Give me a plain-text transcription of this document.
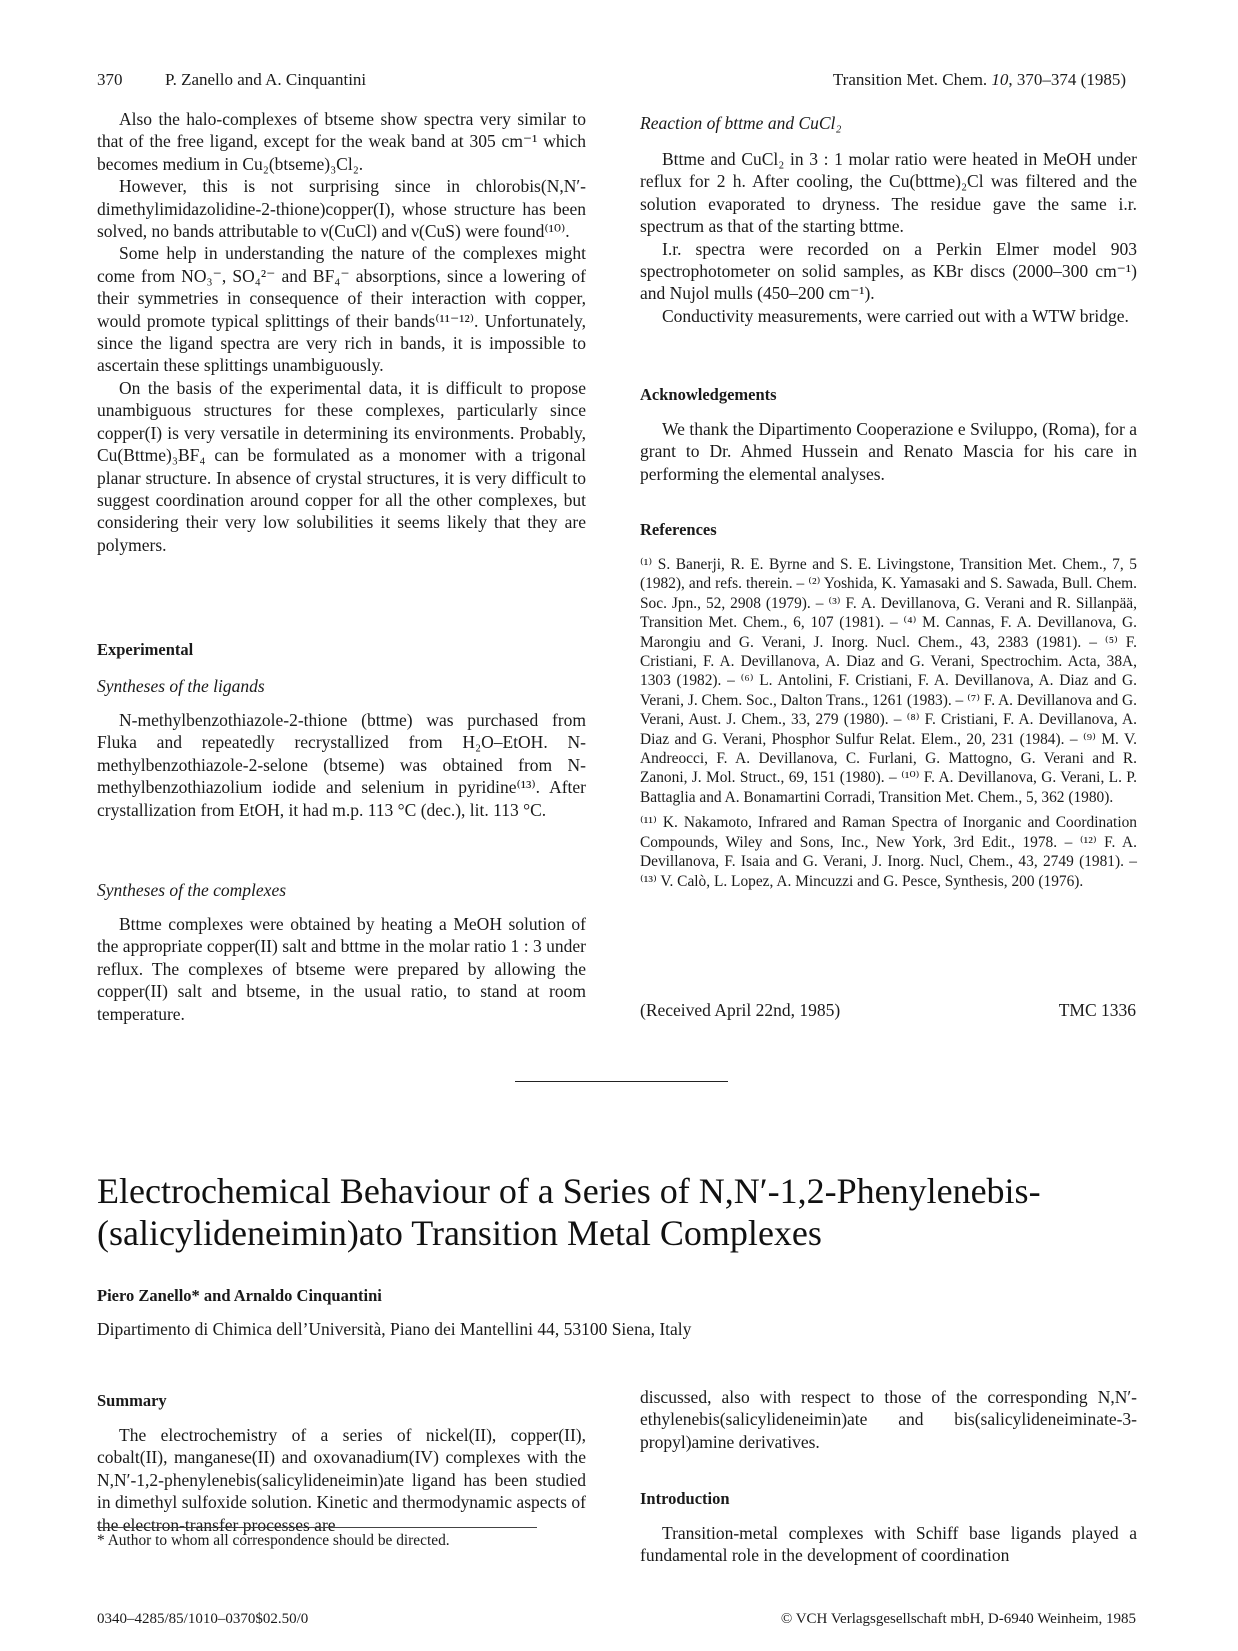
370	P. Zanello and A. Cinquantini	Transition Met. Chem. 10, 370–374 (1985)

Also the halo-complexes of btseme show spectra very similar to that of the free ligand, except for the weak band at 305 cm⁻¹ which becomes medium in Cu₂(btseme)₃Cl₂.

However, this is not surprising since in chlorobis(N,N′-dimethylimidazolidine-2-thione)copper(I), whose structure has been solved, no bands attributable to ν(CuCl) and ν(CuS) were found⁽¹⁰⁾.

Some help in understanding the nature of the complexes might come from NO₃⁻, SO₄²⁻ and BF₄⁻ absorptions, since a lowering of their symmetries in consequence of their interaction with copper, would promote typical splittings of their bands⁽¹¹⁻¹²⁾. Unfortunately, since the ligand spectra are very rich in bands, it is impossible to ascertain these splittings unambiguously.

On the basis of the experimental data, it is difficult to propose unambiguous structures for these complexes, particularly since copper(I) is very versatile in determining its environments. Probably, Cu(Bttme)₃BF₄ can be formulated as a monomer with a trigonal planar structure. In absence of crystal structures, it is very difficult to suggest coordination around copper for all the other complexes, but considering their very low solubilities it seems likely that they are polymers.

Experimental
Syntheses of the ligands

N-methylbenzothiazole-2-thione (bttme) was purchased from Fluka and repeatedly recrystallized from H₂O–EtOH. N-methylbenzothiazole-2-selone (btseme) was obtained from N-methylbenzothiazolium iodide and selenium in pyridine⁽¹³⁾. After crystallization from EtOH, it had m.p. 113 °C (dec.), lit. 113 °C.

Syntheses of the complexes

Bttme complexes were obtained by heating a MeOH solution of the appropriate copper(II) salt and bttme in the molar ratio 1 : 3 under reflux. The complexes of btseme were prepared by allowing the copper(II) salt and btseme, in the usual ratio, to stand at room temperature.

Reaction of bttme and CuCl₂

Bttme and CuCl₂ in 3 : 1 molar ratio were heated in MeOH under reflux for 2 h. After cooling, the Cu(bttme)₂Cl was filtered and the solution evaporated to dryness. The residue gave the same i.r. spectrum as that of the starting bttme.

I.r. spectra were recorded on a Perkin Elmer model 903 spectrophotometer on solid samples, as KBr discs (2000–300 cm⁻¹) and Nujol mulls (450–200 cm⁻¹).

Conductivity measurements, were carried out with a WTW bridge.

Acknowledgements

We thank the Dipartimento Cooperazione e Sviluppo, (Roma), for a grant to Dr. Ahmed Hussein and Renato Mascia for his care in performing the elemental analyses.

References

⁽¹⁾ S. Banerji, R. E. Byrne and S. E. Livingstone, Transition Met. Chem., 7, 5 (1982), and refs. therein. – ⁽²⁾ Yoshida, K. Yamasaki and S. Sawada, Bull. Chem. Soc. Jpn., 52, 2908 (1979). – ⁽³⁾ F. A. Devillanova, G. Verani and R. Sillanpää, Transition Met. Chem., 6, 107 (1981). – ⁽⁴⁾ M. Cannas, F. A. Devillanova, G. Marongiu and G. Verani, J. Inorg. Nucl. Chem., 43, 2383 (1981). – ⁽⁵⁾ F. Cristiani, F. A. Devillanova, A. Diaz and G. Verani, Spectrochim. Acta, 38A, 1303 (1982). – ⁽⁶⁾ L. Antolini, F. Cristiani, F. A. Devillanova, A. Diaz and G. Verani, J. Chem. Soc., Dalton Trans., 1261 (1983). – ⁽⁷⁾ F. A. Devillanova and G. Verani, Aust. J. Chem., 33, 279 (1980). – ⁽⁸⁾ F. Cristiani, F. A. Devillanova, A. Diaz and G. Verani, Phosphor Sulfur Relat. Elem., 20, 231 (1984). – ⁽⁹⁾ M. V. Andreocci, F. A. Devillanova, C. Furlani, G. Mattogno, G. Verani and R. Zanoni, J. Mol. Struct., 69, 151 (1980). – ⁽¹⁰⁾ F. A. Devillanova, G. Verani, L. P. Battaglia and A. Bonamartini Corradi, Transition Met. Chem., 5, 362 (1980).

⁽¹¹⁾ K. Nakamoto, Infrared and Raman Spectra of Inorganic and Coordination Compounds, Wiley and Sons, Inc., New York, 3rd Edit., 1978. – ⁽¹²⁾ F. A. Devillanova, F. Isaia and G. Verani, J. Inorg. Nucl, Chem., 43, 2749 (1981). – ⁽¹³⁾ V. Calò, L. Lopez, A. Mincuzzi and G. Pesce, Synthesis, 200 (1976).

(Received April 22nd, 1985)	TMC 1336
Electrochemical Behaviour of a Series of N,N′-1,2-Phenylenebis-
(salicylideneimin)ato Transition Metal Complexes
Piero Zanello* and Arnaldo Cinquantini
Dipartimento di Chimica dell’Università, Piano dei Mantellini 44, 53100 Siena, Italy
Summary

The electrochemistry of a series of nickel(II), copper(II), cobalt(II), manganese(II) and oxovanadium(IV) complexes with the N,N′-1,2-phenylenebis(salicylideneimin)ate ligand has been studied in dimethyl sulfoxide solution. Kinetic and thermodynamic aspects of the electron-transfer processes are

* Author to whom all correspondence should be directed.

discussed, also with respect to those of the corresponding N,N′-ethylenebis(salicylideneimin)ate and bis(salicylideneiminate-3-propyl)amine derivatives.

Introduction

Transition-metal complexes with Schiff base ligands played a fundamental role in the development of coordination

0340–4285/85/1010–0370$02.50/0	© VCH Verlagsgesellschaft mbH, D-6940 Weinheim, 1985
